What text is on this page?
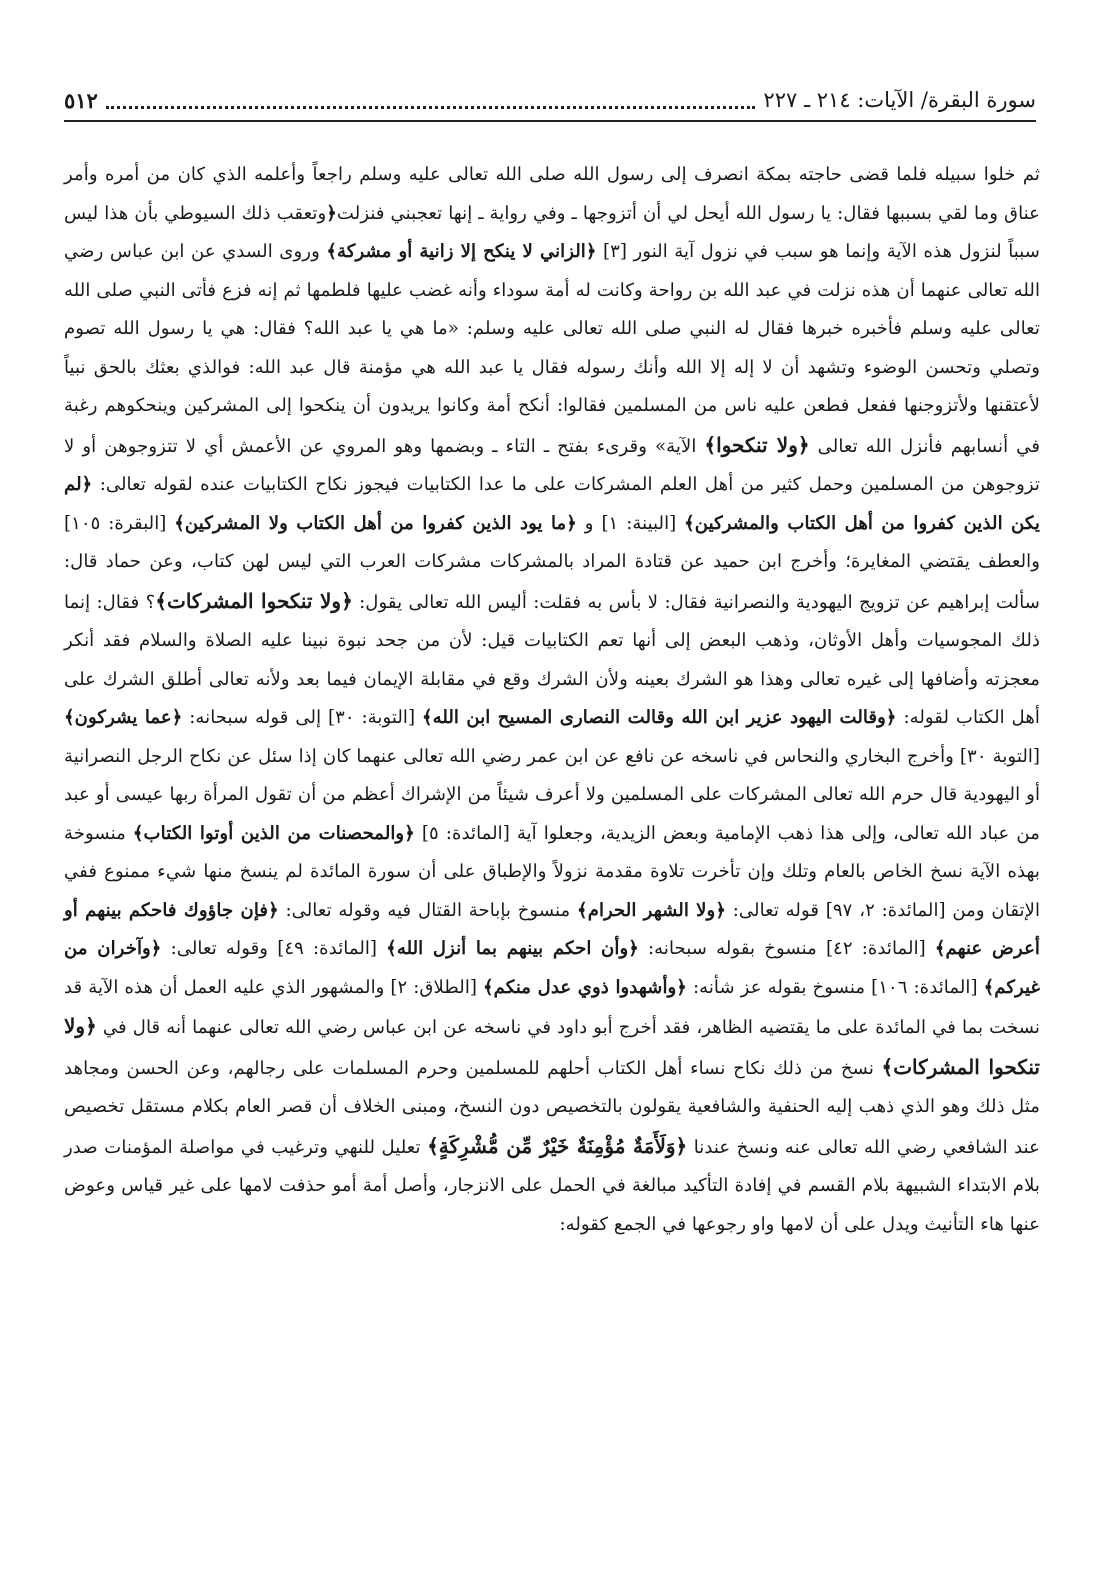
سورة البقرة/ الآيات: ٢١٤ ـ ٢٢٧
٥١٢

ثم خلوا سبيله فلما قضى حاجته بمكة انصرف إلى رسول الله صلى الله تعالى عليه وسلم راجعاً وأعلمه الذي كان من أمره وأمر عناق وما لقي بسببها فقال: يا رسول الله أيحل لي أن أتزوجها ـ وفي رواية ـ إنها تعجبني فنزلت﴿وتعقب ذلك السيوطي بأن هذا ليس سبباً لنزول هذه الآية وإنما هو سبب في نزول آية النور [٣] ﴿الزاني لا ينكح إلا زانية أو مشركة﴾ وروى السدي عن ابن عباس رضي الله تعالى عنهما أن هذه نزلت في عبد الله بن رواحة وكانت له أمة سوداء وأنه غضب عليها فلطمها ثم إنه فزع فأتى النبي صلى الله تعالى عليه وسلم فأخبره خبرها فقال له النبي صلى الله تعالى عليه وسلم: «ما هي يا عبد الله؟ فقال: هي يا رسول الله تصوم وتصلي وتحسن الوضوء وتشهد أن لا إله إلا الله وأنك رسوله فقال يا عبد الله هي مؤمنة قال عبد الله: فوالذي بعثك بالحق نبياً لأعتقنها ولأتزوجنها ففعل فطعن عليه ناس من المسلمين فقالوا: أنكح أمة وكانوا يريدون أن ينكحوا إلى المشركين وينحكوهم رغبة في أنسابهم فأنزل الله تعالى ﴿ولا تنكحوا﴾ الآية» وقرىء بفتح ـ التاء ـ وبضمها وهو المروي عن الأعمش أي لا تتزوجوهن أو لا تزوجوهن من المسلمين وحمل كثير من أهل العلم المشركات على ما عدا الكتابيات فيجوز نكاح الكتابيات عنده لقوله تعالى: ﴿لم يكن الذين كفروا من أهل الكتاب والمشركين﴾ [البينة: ١] و ﴿ما يود الذين كفروا من أهل الكتاب ولا المشركين﴾ [البقرة: ١٠٥] والعطف يقتضي المغايرة؛ وأخرج ابن حميد عن قتادة المراد بالمشركات مشركات العرب التي ليس لهن كتاب، وعن حماد قال: سألت إبراهيم عن تزويج اليهودية والنصرانية فقال: لا بأس به فقلت: أليس الله تعالى يقول: ﴿ولا تنكحوا المشركات﴾؟ فقال: إنما ذلك المجوسيات وأهل الأوثان، وذهب البعض إلى أنها تعم الكتابيات قيل: لأن من جحد نبوة نبينا عليه الصلاة والسلام فقد أنكر معجزته وأضافها إلى غيره تعالى وهذا هو الشرك بعينه ولأن الشرك وقع في مقابلة الإيمان فيما بعد ولأنه تعالى أطلق الشرك على أهل الكتاب لقوله: ﴿وقالت اليهود عزير ابن الله وقالت النصارى المسيح ابن الله﴾ [التوبة: ٣٠] إلى قوله سبحانه: ﴿عما يشركون﴾ [التوبة ٣٠] وأخرج البخاري والنحاس في ناسخه عن نافع عن ابن عمر رضي الله تعالى عنهما كان إذا سئل عن نكاح الرجل النصرانية أو اليهودية قال حرم الله تعالى المشركات على المسلمين ولا أعرف شيئاً من الإشراك أعظم من أن تقول المرأة ربها عيسى أو عبد من عباد الله تعالى، وإلى هذا ذهب الإمامية وبعض الزيدية، وجعلوا آية [المائدة: ٥] ﴿والمحصنات من الذين أوتوا الكتاب﴾ منسوخة بهذه الآية نسخ الخاص بالعام وتلك وإن تأخرت تلاوة مقدمة نزولاً والإطباق على أن سورة المائدة لم ينسخ منها شيء ممنوع ففي الإتقان ومن [المائدة: ٢، ٩٧] قوله تعالى: ﴿ولا الشهر الحرام﴾ منسوخ بإباحة القتال فيه وقوله تعالى: ﴿فإن جاؤوك فاحكم بينهم أو أعرض عنهم﴾ [المائدة: ٤٢] منسوخ بقوله سبحانه: ﴿وأن احكم بينهم بما أنزل الله﴾ [المائدة: ٤٩] وقوله تعالى: ﴿وآخران من غيركم﴾ [المائدة: ١٠٦] منسوخ بقوله عز شأنه: ﴿وأشهدوا ذوي عدل منكم﴾ [الطلاق: ٢] والمشهور الذي عليه العمل أن هذه الآية قد نسخت بما في المائدة على ما يقتضيه الظاهر، فقد أخرج أبو داود في ناسخه عن ابن عباس رضي الله تعالى عنهما أنه قال في ﴿ولا تنكحوا المشركات﴾ نسخ من ذلك نكاح نساء أهل الكتاب أحلهم للمسلمين وحرم المسلمات على رجالهم، وعن الحسن ومجاهد مثل ذلك وهو الذي ذهب إليه الحنفية والشافعية يقولون بالتخصيص دون النسخ، ومبنى الخلاف أن قصر العام بكلام مستقل تخصيص عند الشافعي رضي الله تعالى عنه ونسخ عندنا ﴿وَلَأَمَةٌ مُؤْمِنَةٌ خَيْرٌ مِّن مُّشْرِكَةٍ﴾ تعليل للنهي وترغيب في مواصلة المؤمنات صدر بلام الابتداء الشبيهة بلام القسم في إفادة التأكيد مبالغة في الحمل على الانزجار، وأصل أمة أمو حذفت لامها على غير قياس وعوض عنها هاء التأنيث ويدل على أن لامها واو رجوعها في الجمع كقوله:
